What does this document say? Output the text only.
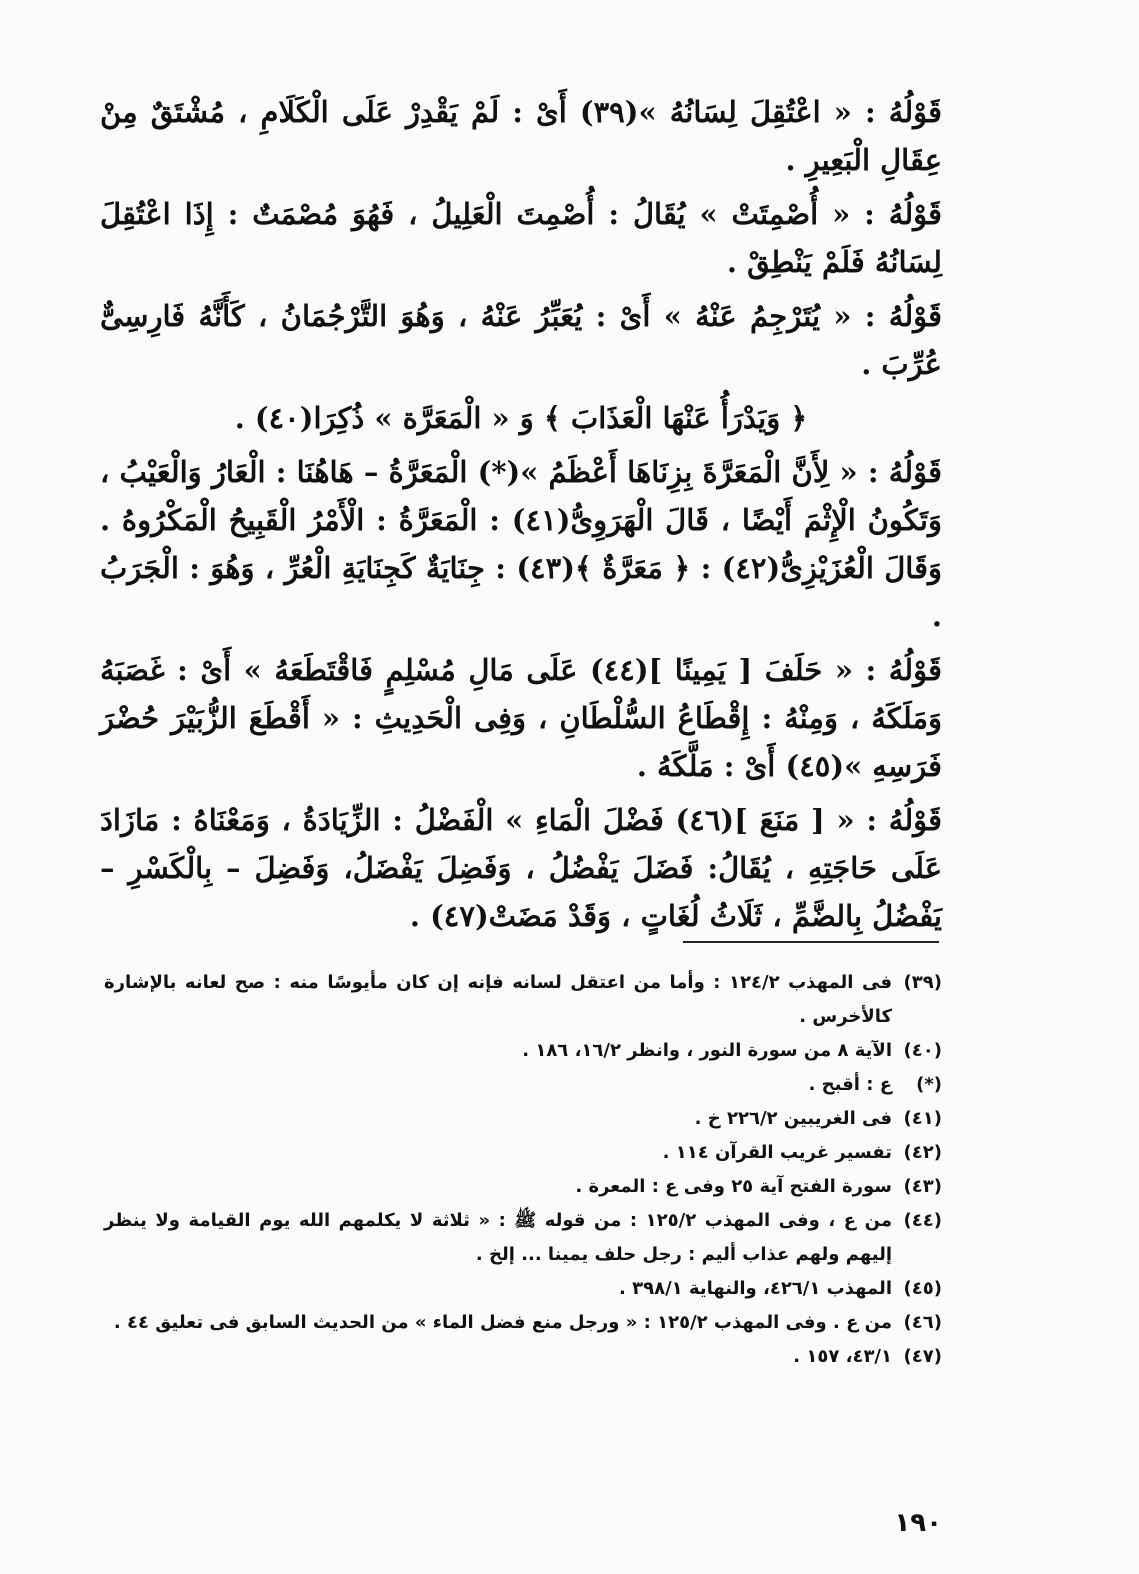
قَوْلُهُ : « اعْتُقِلَ لِسَانُهُ »(٣٩) أَىْ : لَمْ يَقْدِرْ عَلَى الْكَلَامِ ، مُشْتَقٌ مِنْ عِقَالِ الْبَعِيرِ .

قَوْلُهُ : « أُصْمِتَتْ » يُقَالُ : أُصْمِتَ الْعَلِيلُ ، فَهُوَ مُصْمَتٌ : إِذَا اعْتُقِلَ لِسَانُهُ فَلَمْ يَنْطِقْ .

قَوْلُهُ : « يُتَرْجِمُ عَنْهُ » أَىْ : يُعَبِّرُ عَنْهُ ، وَهُوَ التَّرْجُمَانُ ، كَأَنَّهُ فَارِسِىٌّ عُرِّبَ .

﴿ وَيَدْرَأُ عَنْهَا الْعَذَابَ ﴾ وَ « الْمَعَرَّة » ذُكِرَا(٤٠) .

قَوْلُهُ : « لِأَنَّ الْمَعَرَّةَ بِزِنَاهَا أَعْظَمُ »(*) الْمَعَرَّةُ – هَاهُنَا : الْعَارُ وَالْعَيْبُ ، وَتَكُونُ الْإِثْمَ أَيْضًا ، قَالَ الْهَرَوِىُّ(٤١) : الْمَعَرَّةُ : الْأَمْرُ الْقَبِيحُ الْمَكْرُوهُ . وَقَالَ الْعُزَيْزِىُّ(٤٢) : ﴿ مَعَرَّةٌ ﴾(٤٣) : جِنَايَةٌ كَجِنَايَةِ الْعُرِّ ، وَهُوَ : الْجَرَبُ .

قَوْلُهُ : « حَلَفَ [ يَمِينًا ](٤٤) عَلَى مَالِ مُسْلِمٍ فَاقْتَطَعَهُ » أَىْ : غَصَبَهُ وَمَلَكَهُ ، وَمِنْهُ : إِقْطَاعُ السُّلْطَانِ ، وَفِى الْحَدِيثِ : « أَقْطَعَ الزُّبَيْرَ حُضْرَ فَرَسِهِ »(٤٥) أَىْ : مَلَّكَهُ .

قَوْلُهُ : « [ مَنَعَ ](٤٦) فَضْلَ الْمَاءِ » الْفَضْلُ : الزِّيَادَةُ ، وَمَعْنَاهُ : مَازَادَ عَلَى حَاجَتِهِ ، يُقَالُ: فَضَلَ يَفْضُلُ ، وَفَضِلَ يَفْضَلُ، وَفَضِلَ – بِالْكَسْرِ – يَفْضُلُ بِالضَّمِّ ، ثَلَاثُ لُغَاتٍ ، وَقَدْ مَضَتْ(٤٧) .

(٣٩)
فى المهذب ١٢٤/٢ : وأما من اعتقل لسانه فإنه إن كان مأيوسًا منه : صح لعانه بالإشارة كالأخرس .
(٤٠)
الآية ٨ من سورة النور ، وانظر ١٦/٢، ١٨٦ .
(*)
ع : أقبح .
(٤١)
فى الغريبين ٢٢٦/٢ خ .
(٤٢)
تفسير غريب القرآن ١١٤ .
(٤٣)
سورة الفتح آية ٢٥ وفى ع : المعرة .
(٤٤)
من ع ، وفى المهذب ١٢٥/٢ : من قوله ﷺ : « ثلاثة لا يكلمهم الله يوم القيامة ولا ينظر إليهم ولهم عذاب أليم : رجل حلف يمينا ... إلخ .
(٤٥)
المهذب ٤٢٦/١، والنهاية ٣٩٨/١ .
(٤٦)
من ع . وفى المهذب ١٢٥/٢ : « ورجل منع فضل الماء » من الحديث السابق فى تعليق ٤٤ .
(٤٧)
٤٣/١، ١٥٧ .
١٩٠
